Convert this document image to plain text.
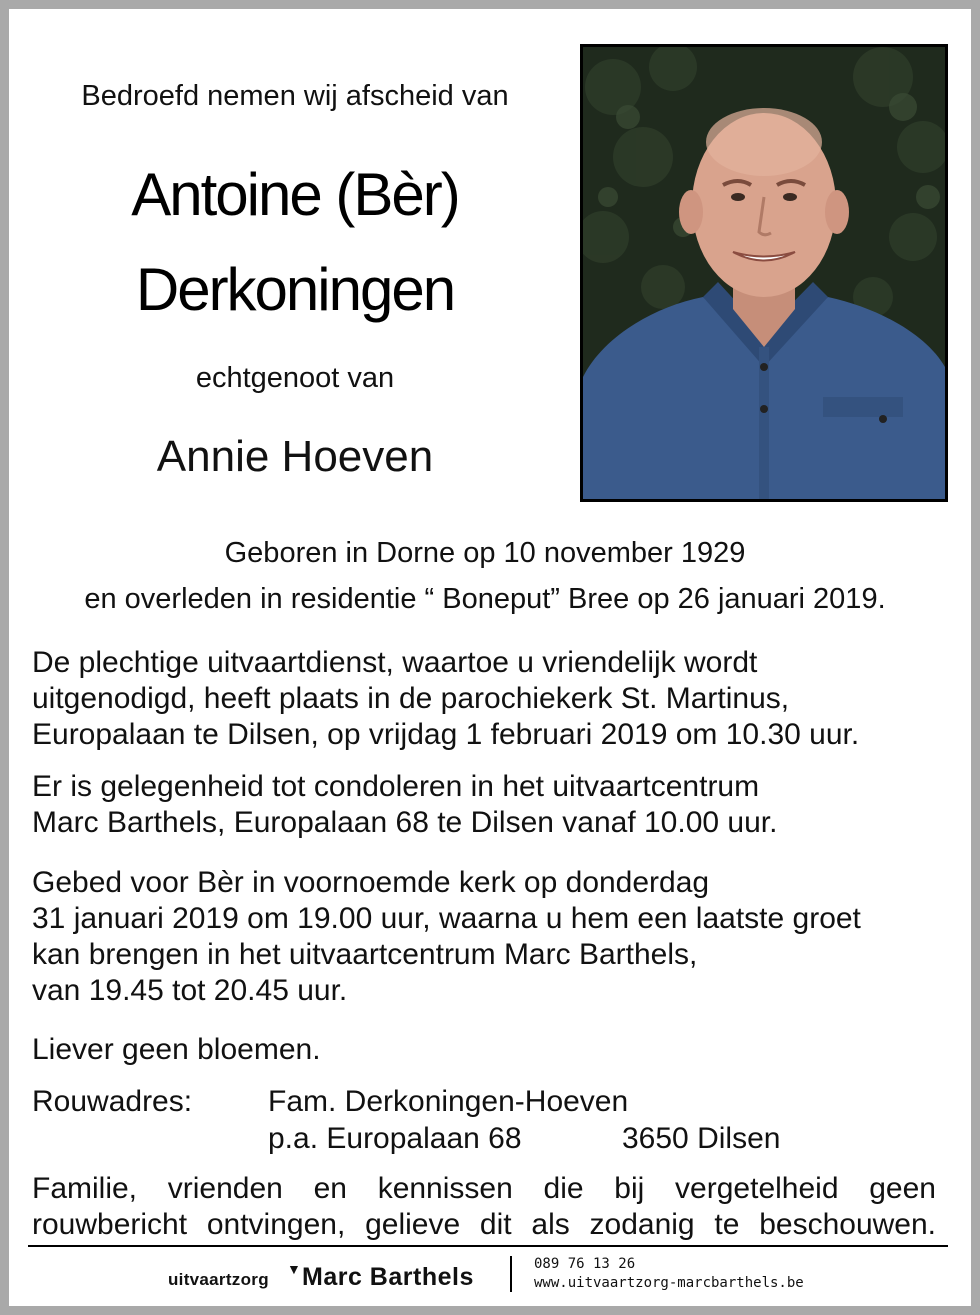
Bedroefd nemen wij afscheid van
Antoine (Bèr)
Derkoningen
echtgenoot van
Annie Hoeven
Geboren in Dorne op 10 november 1929
en overleden in residentie “ Boneput” Bree op 26 januari 2019.
De plechtige uitvaartdienst, waartoe u vriendelijk wordt
uitgenodigd, heeft plaats in de parochiekerk St. Martinus,
Europalaan te Dilsen, op vrijdag 1 februari 2019 om 10.30 uur.
Er is gelegenheid tot condoleren in het uitvaartcentrum
Marc Barthels, Europalaan 68 te Dilsen vanaf 10.00 uur.
Gebed voor Bèr in voornoemde kerk op donderdag
31 januari 2019 om 19.00 uur, waarna u hem een laatste groet
kan brengen in het uitvaartcentrum Marc Barthels,
van 19.45 tot 20.45 uur.
Liever geen bloemen.
Rouwadres:	Fam. Derkoningen-Hoeven
p.a. Europalaan 68	3650 Dilsen
Familie, vrienden en kennissen die bij vergetelheid geen
rouwbericht ontvingen, gelieve dit als zodanig te beschouwen.
uitvaartzorg
▼ Marc Barthels	089 76 13 26
www.uitvaartzorg-marcbarthels.be
